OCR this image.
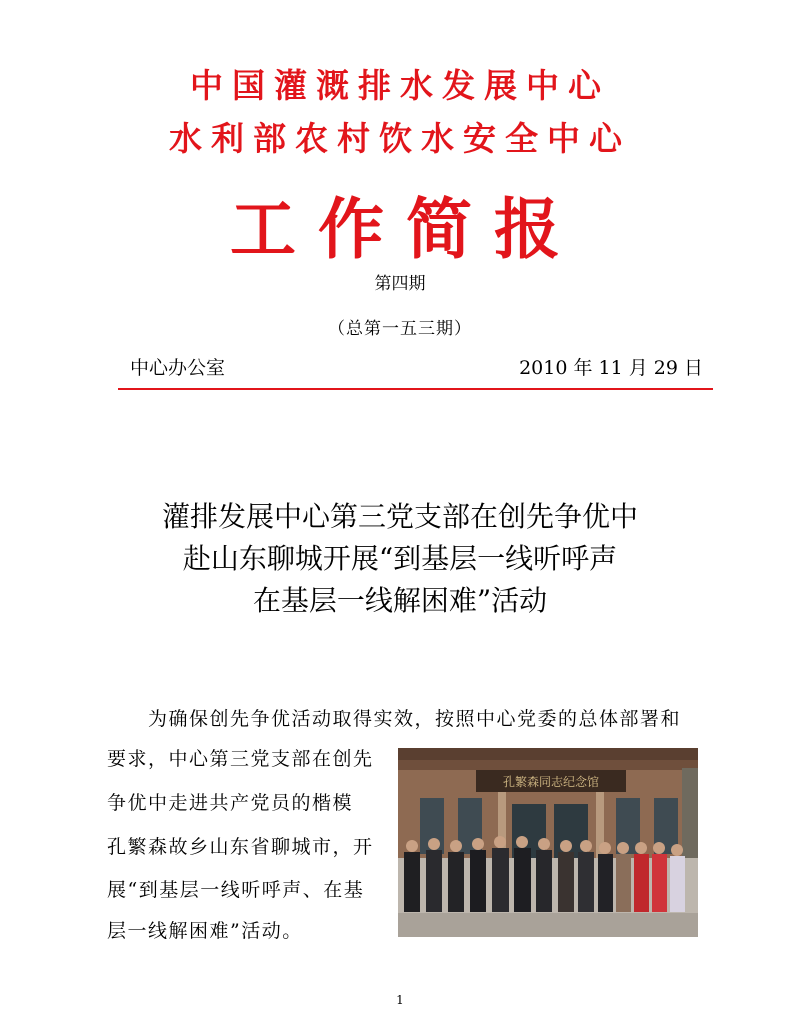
中国灌溉排水发展中心
水利部农村饮水安全中心
工作简报
第四期
（总第一五三期）
中心办公室	2010 年 11 月 29 日
灌排发展中心第三党支部在创先争优中
赴山东聊城开展“到基层一线听呼声
在基层一线解困难”活动
为确保创先争优活动取得实效，按照中心党委的总体部署和
要求，中心第三党支部在创先
争优中走进共产党员的楷模
孔繁森故乡山东省聊城市，开
展“到基层一线听呼声、在基
层一线解困难”活动。
孔繁森同志纪念馆
1
